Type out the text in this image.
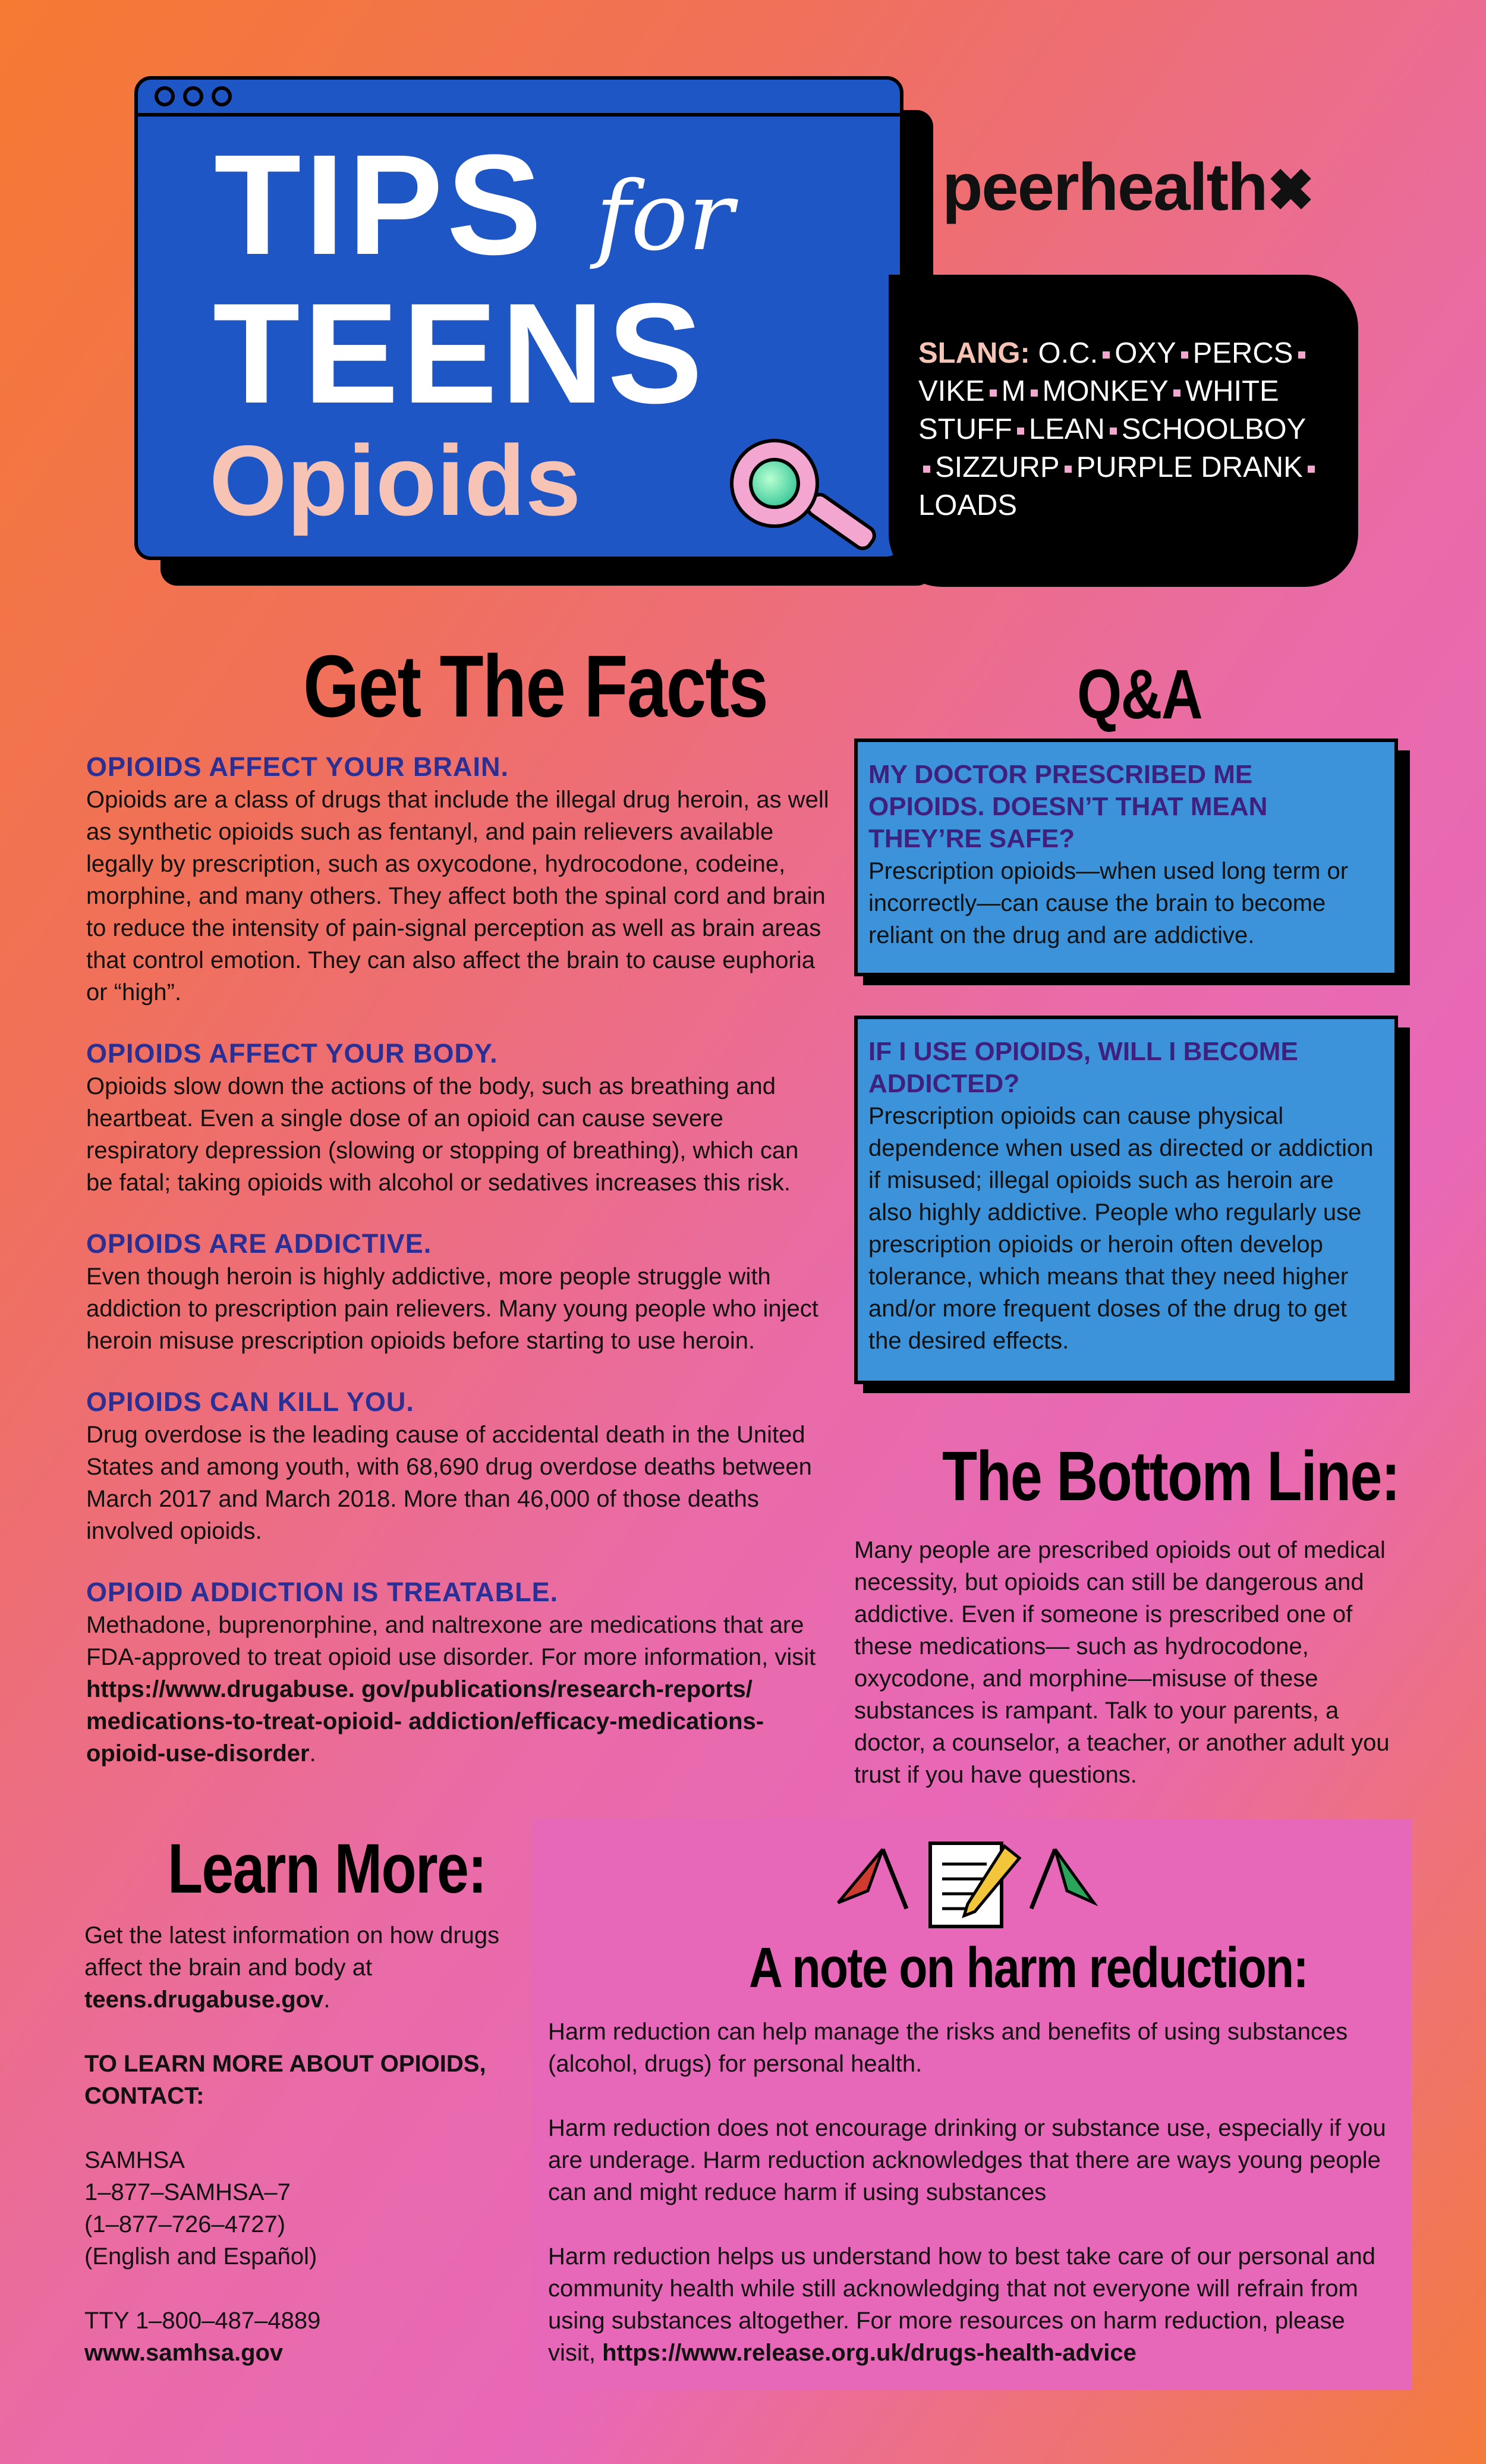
TIPS for
TEENS
Opioids
peerhealth✖
SLANG: O.C. OXY PERCS VIKE M MONKEY WHITE STUFF LEAN SCHOOLBOY SIZZURP PURPLE DRANK LOADS
Get The Facts
OPIOIDS AFFECT YOUR BRAIN.
Opioids are a class of drugs that include the illegal drug heroin, as well as synthetic opioids such as fentanyl, and pain relievers available legally by prescription, such as oxycodone, hydrocodone, codeine, morphine, and many others. They affect both the spinal cord and brain to reduce the intensity of pain-signal perception as well as brain areas that control emotion. They can also affect the brain to cause euphoria or “high”.
OPIOIDS AFFECT YOUR BODY.
Opioids slow down the actions of the body, such as breathing and heartbeat. Even a single dose of an opioid can cause severe respiratory depression (slowing or stopping of breathing), which can be fatal; taking opioids with alcohol or sedatives increases this risk.
OPIOIDS ARE ADDICTIVE.
Even though heroin is highly addictive, more people struggle with addiction to prescription pain relievers. Many young people who inject heroin misuse prescription opioids before starting to use heroin.
OPIOIDS CAN KILL YOU.
Drug overdose is the leading cause of accidental death in the United States and among youth, with 68,690 drug overdose deaths between March 2017 and March 2018. More than 46,000 of those deaths involved opioids.
OPIOID ADDICTION IS TREATABLE.
Methadone, buprenorphine, and naltrexone are medications that are FDA-approved to treat opioid use disorder. For more information, visit https://www.drugabuse. gov/publications/research-reports/ medications-to-treat-opioid- addiction/efficacy-medications-opioid-use-disorder.
Q&A
MY DOCTOR PRESCRIBED ME OPIOIDS. DOESN’T THAT MEAN THEY’RE SAFE?
Prescription opioids—when used long term or incorrectly—can cause the brain to become reliant on the drug and are addictive.
IF I USE OPIOIDS, WILL I BECOME ADDICTED?
Prescription opioids can cause physical dependence when used as directed or addiction if misused; illegal opioids such as heroin are also highly addictive. People who regularly use prescription opioids or heroin often develop tolerance, which means that they need higher and/or more frequent doses of the drug to get the desired effects.
The Bottom Line:
Many people are prescribed opioids out of medical necessity, but opioids can still be dangerous and addictive. Even if someone is prescribed one of these medications— such as hydrocodone, oxycodone, and morphine—misuse of these substances is rampant. Talk to your parents, a doctor, a counselor, a teacher, or another adult you trust if you have questions.
Learn More:

Get the latest information on how drugs affect the brain and body at teens.drugabuse.gov.

TO LEARN MORE ABOUT OPIOIDS, CONTACT:

SAMHSA
1–877–SAMHSA–7
(1–877–726–4727)
(English and Español)

TTY 1–800–487–4889
www.samhsa.gov

A note on harm reduction:

Harm reduction can help manage the risks and benefits of using substances (alcohol, drugs) for personal health.

Harm reduction does not encourage drinking or substance use, especially if you are underage. Harm reduction acknowledges that there are ways young people can and might reduce harm if using substances

Harm reduction helps us understand how to best take care of our personal and community health while still acknowledging that not everyone will refrain from using substances altogether. For more resources on harm reduction, please visit, https://www.release.org.uk/drugs-health-advice
